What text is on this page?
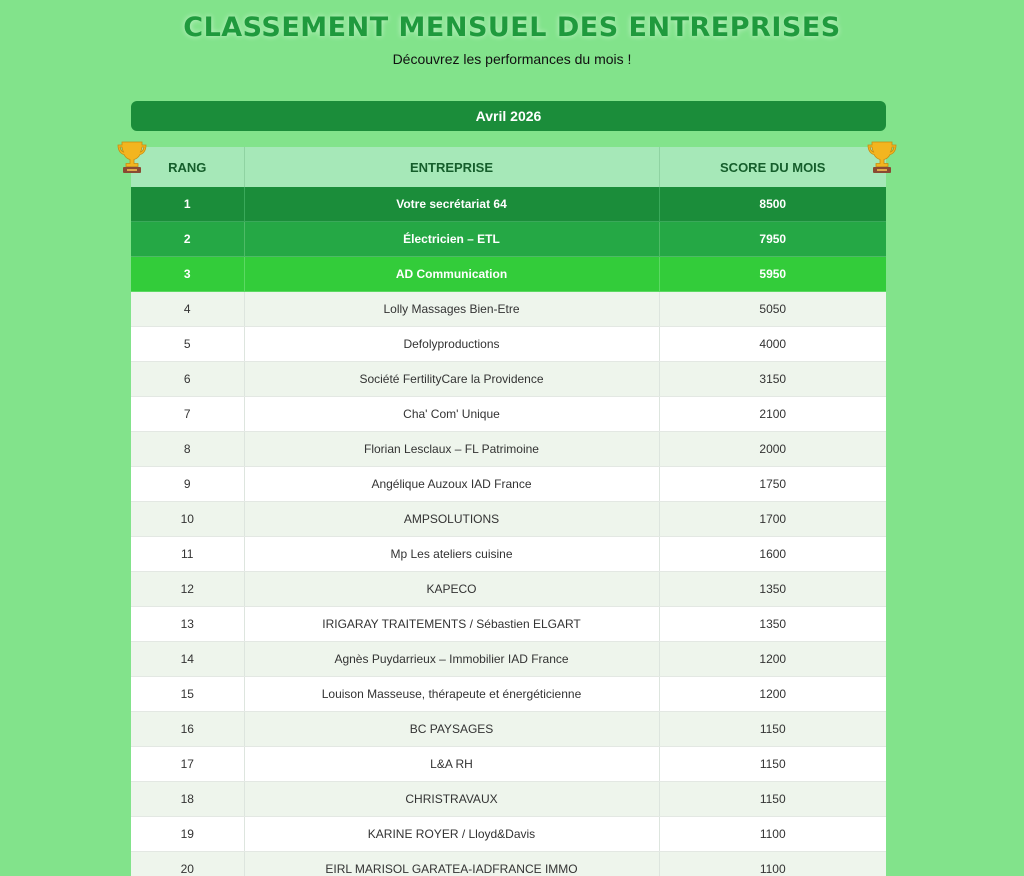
CLASSEMENT MENSUEL DES ENTREPRISES
Découvrez les performances du mois !
Avril 2026
RANG	ENTREPRISE	SCORE DU MOIS
1	Votre secrétariat 64	8500
2	Électricien – ETL	7950
3	AD Communication	5950
4	Lolly Massages Bien-Etre	5050
5	Defolyproductions	4000
6	Société FertilityCare la Providence	3150
7	Cha' Com' Unique	2100
8	Florian Lesclaux – FL Patrimoine	2000
9	Angélique Auzoux IAD France	1750
10	AMPSOLUTIONS	1700
11	Mp Les ateliers cuisine	1600
12	KAPECO	1350
13	IRIGARAY TRAITEMENTS / Sébastien ELGART	1350
14	Agnès Puydarrieux – Immobilier IAD France	1200
15	Louison Masseuse, thérapeute et énergéticienne	1200
16	BC PAYSAGES	1150
17	L&A RH	1150
18	CHRISTRAVAUX	1150
19	KARINE ROYER / Lloyd&Davis	1100
20	EIRL MARISOL GARATEA-IADFRANCE IMMO	1100
